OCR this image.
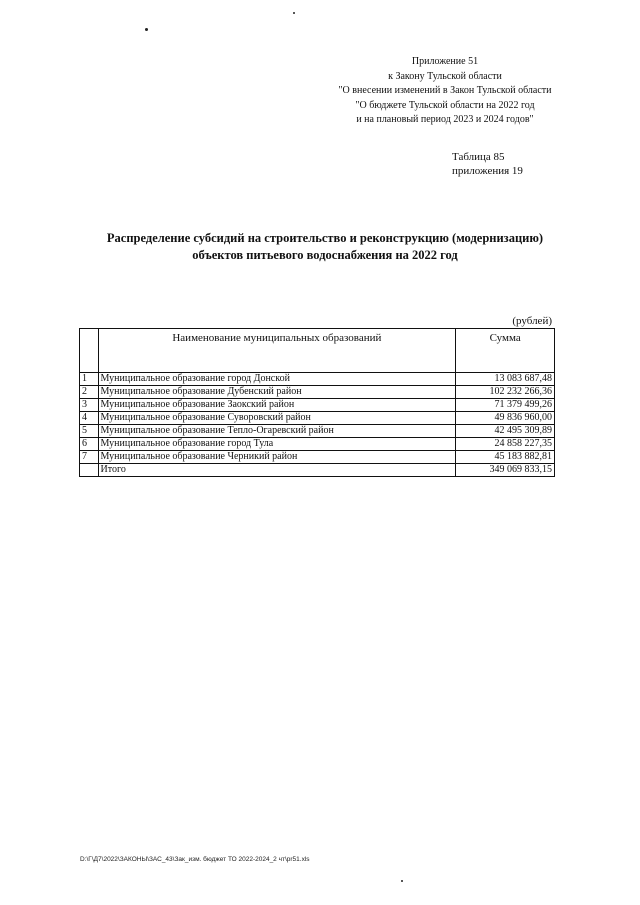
Приложение 51
к Закону Тульской области
"О внесении изменений в Закон Тульской области
"О бюджете Тульской области на 2022 год
и на плановый период 2023 и 2024 годов"
Таблица 85
приложения 19
Распределение субсидий на строительство и реконструкцию (модернизацию)
объектов питьевого водоснабжения на 2022 год
(рублей)
	Наименование муниципальных образований	Сумма
1	Муниципальное образование город Донской	13 083 687,48
2	Муниципальное образование Дубенский район	102 232 266,36
3	Муниципальное образование Заокский район	71 379 499,26
4	Муниципальное образование Суворовский район	49 836 960,00
5	Муниципальное образование Тепло-Огаревский район	42 495 309,89
6	Муниципальное образование город Тула	24 858 227,35
7	Муниципальное образование Черникий район	45 183 882,81
	Итого	349 069 833,15
D:\Г\Д7\2022\ЗАКОНЫ\ЗАС_43\Зак_изм. бюджет ТО 2022-2024_2 чт\pr51.xls
